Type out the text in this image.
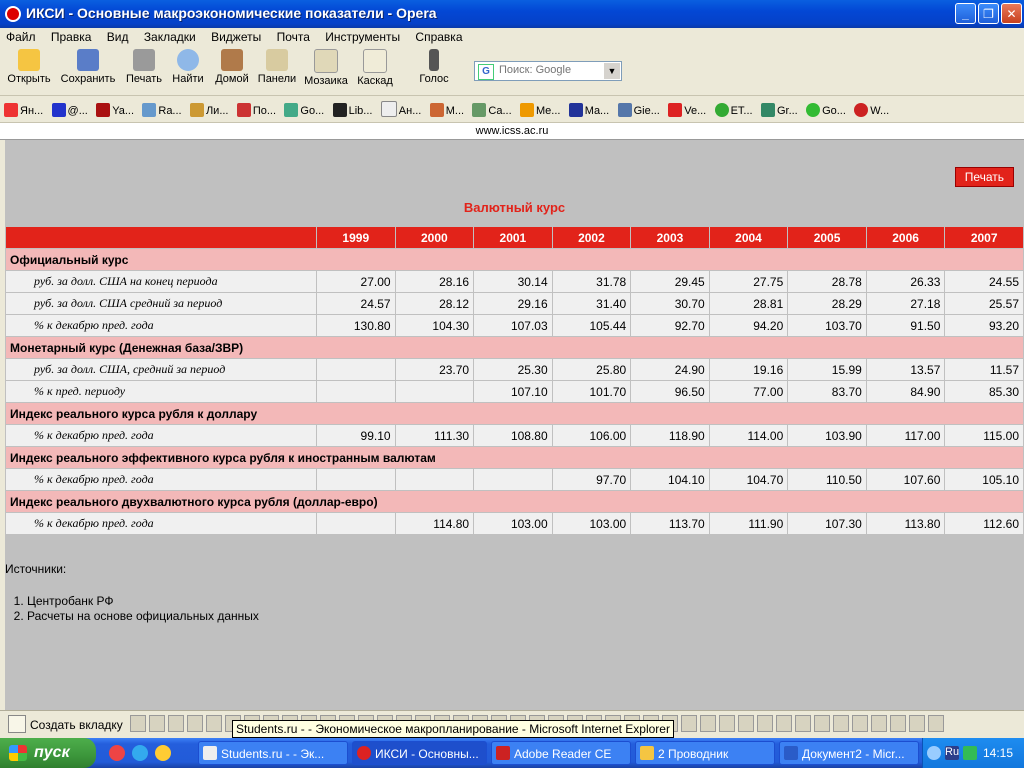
ИКСИ - Основные макроэкономические показатели - Opera	_	❐	✕
Файл Правка Вид Закладки Виджеты Почта Инструменты Справка
Открыть Сохранить Печать Найти Домой Панели Мозаика Каскад	Голос
G
Поиск: Google	▼
Ян... @... Ya... Ra... Ли... По... Go... Lib... Ан... М... Ca... Me... Ma... Gie... Ve... ET... Gr... Go... W...
www.icss.ac.ru
Печать
Валютный курс
	1999	2000	2001	2002	2003	2004	2005	2006	2007
Официальный курс									
руб. за долл. США на конец периода	27.00	28.16	30.14	31.78	29.45	27.75	28.78	26.33	24.55
руб. за долл. США средний за период	24.57	28.12	29.16	31.40	30.70	28.81	28.29	27.18	25.57
% к декабрю пред. года	130.80	104.30	107.03	105.44	92.70	94.20	103.70	91.50	93.20
Монетарный курс (Денежная база/ЗВР)									
руб. за долл. США, средний за период		23.70	25.30	25.80	24.90	19.16	15.99	13.57	11.57
% к пред. периоду			107.10	101.70	96.50	77.00	83.70	84.90	85.30
Индекс реального курса рубля к доллару									
% к декабрю пред. года	99.10	111.30	108.80	106.00	118.90	114.00	103.90	117.00	115.00
Индекс реального эффективного курса рубля к иностранным валютам									
% к декабрю пред. года				97.70	104.10	104.70	110.50	107.60	105.10
Индекс реального двухвалютного курса рубля (доллар-евро)									
% к декабрю пред. года		114.80	103.00	103.00	113.70	111.90	107.30	113.80	112.60
Источники:
1. Центробанк РФ
2. Расчеты на основе официальных данных
Создать вкладку	Students.ru - - Экономическое макропланирование - Microsoft Internet Explorer
пуск	Students.ru - - Эк...	ИКСИ - Основны...	Adobe Reader CE	2 Проводник	Документ2 - Micr...	Ru 14:15
